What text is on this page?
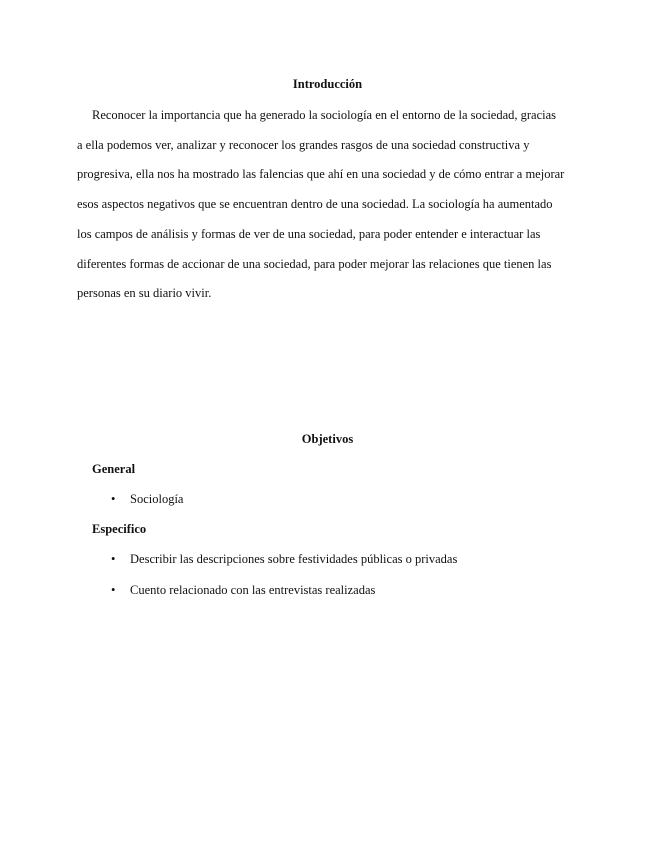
Introducción

Reconocer la importancia que ha generado la sociología en el entorno de la sociedad, gracias
a ella podemos ver, analizar y reconocer los grandes rasgos de una sociedad constructiva y
progresiva, ella nos ha mostrado las falencias que ahí en una sociedad y de cómo entrar a mejorar
esos aspectos negativos que se encuentran dentro de una sociedad. La sociología ha aumentado
los campos de análisis y formas de ver de una sociedad, para poder entender e interactuar las
diferentes formas de accionar de una sociedad, para poder mejorar las relaciones que tienen las
personas en su diario vivir.

Objetivos
General
• Sociología
Especifico
• Describir las descripciones sobre festividades públicas o privadas
• Cuento relacionado con las entrevistas realizadas
